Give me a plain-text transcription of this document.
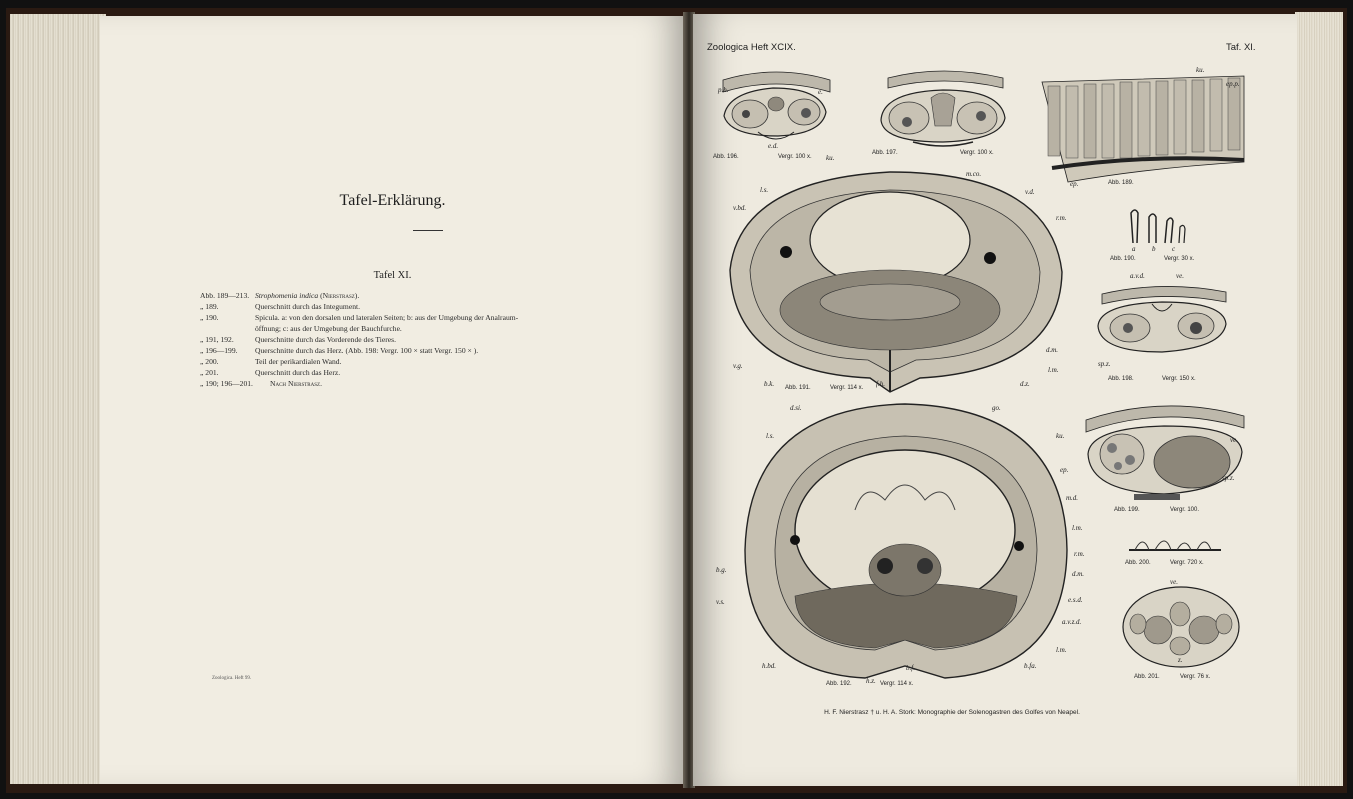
Tafel-Erklärung.
Tafel XI.
Abb. 189—213. Strophomenia indica (Nierstrasz).
„ 189.	Querschnitt durch das Integument.
„ 190.	Spicula. a: von den dorsalen und lateralen Seiten; b: aus der Umgebung der Analraum-
öffnung; c: aus der Umgebung der Bauchfurche.
„ 191, 192.	Querschnitte durch das Vorderende des Tieres.
„ 196—199.	Querschnitte durch das Herz. (Abb. 198: Vergr. 100 × statt Vergr. 150 × ).
„ 200.	Teil der perikardialen Wand.
„ 201.	Querschnitt durch das Herz.
„ 190; 196—201.	Nach Nierstrasz.
Zoologica. Heft 99.
Zoologica Heft XCIX.	Taf. XI.
Abb. 196.	Vergr. 100 x.
Abb. 197.	Vergr. 100 x.
Abb. 189.
Abb. 190.	Vergr. 30 x.
Abb. 191.	Vergr. 114 x.
Abb. 198.	Vergr. 150 x.
Abb. 199.	Vergr. 100.
Abb. 200.	Vergr. 720 x.
Abb. 192.	Vergr. 114 x.
Abb. 201.	Vergr. 76 x.
p.h.	e.
e.d.
ku.
ep.p.
ep.
m.co.
ku.
l.s.
v.bd.
v.d.
r.m.
v.g.
b.k.	f.h.
d.m.
l.m.
d.z.
a b c
a.v.d.	ve.
sp.z.
ve.
sp.z.
ve.
z.
d.si.	go.
l.s.	ku.
ep.
m.d.
l.m.
r.m.
d.m.
b.g.
v.s.	e.s.d.
a.v.z.d.
l.m.
h.bd.	b.f.	b.fa.
h.z.
H. F. Nierstrasz † u. H. A. Stork: Monographie der Solenogastren des Golfes von Neapel.
